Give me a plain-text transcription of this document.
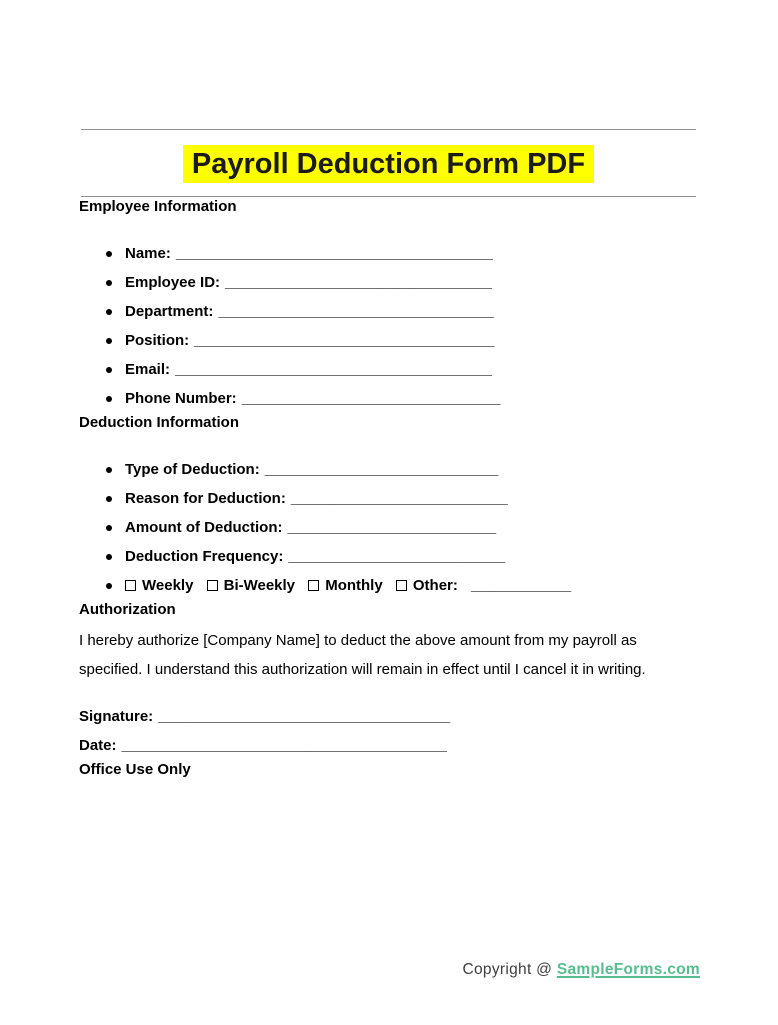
Payroll Deduction Form PDF
Employee Information
Name: ______________________________________
Employee ID: ________________________________
Department: _________________________________
Position: ____________________________________
Email: ______________________________________
Phone Number: _______________________________
Deduction Information
Type of Deduction: ____________________________
Reason for Deduction: __________________________
Amount of Deduction: _________________________
Deduction Frequency: __________________________
Weekly Bi-Weekly Monthly Other: ____________
Authorization

I hereby authorize [Company Name] to deduct the above amount from my payroll as specified. I understand this authorization will remain in effect until I cancel it in writing.

Signature: ___________________________________
Date: _______________________________________
Office Use Only
Copyright @ SampleForms.com
